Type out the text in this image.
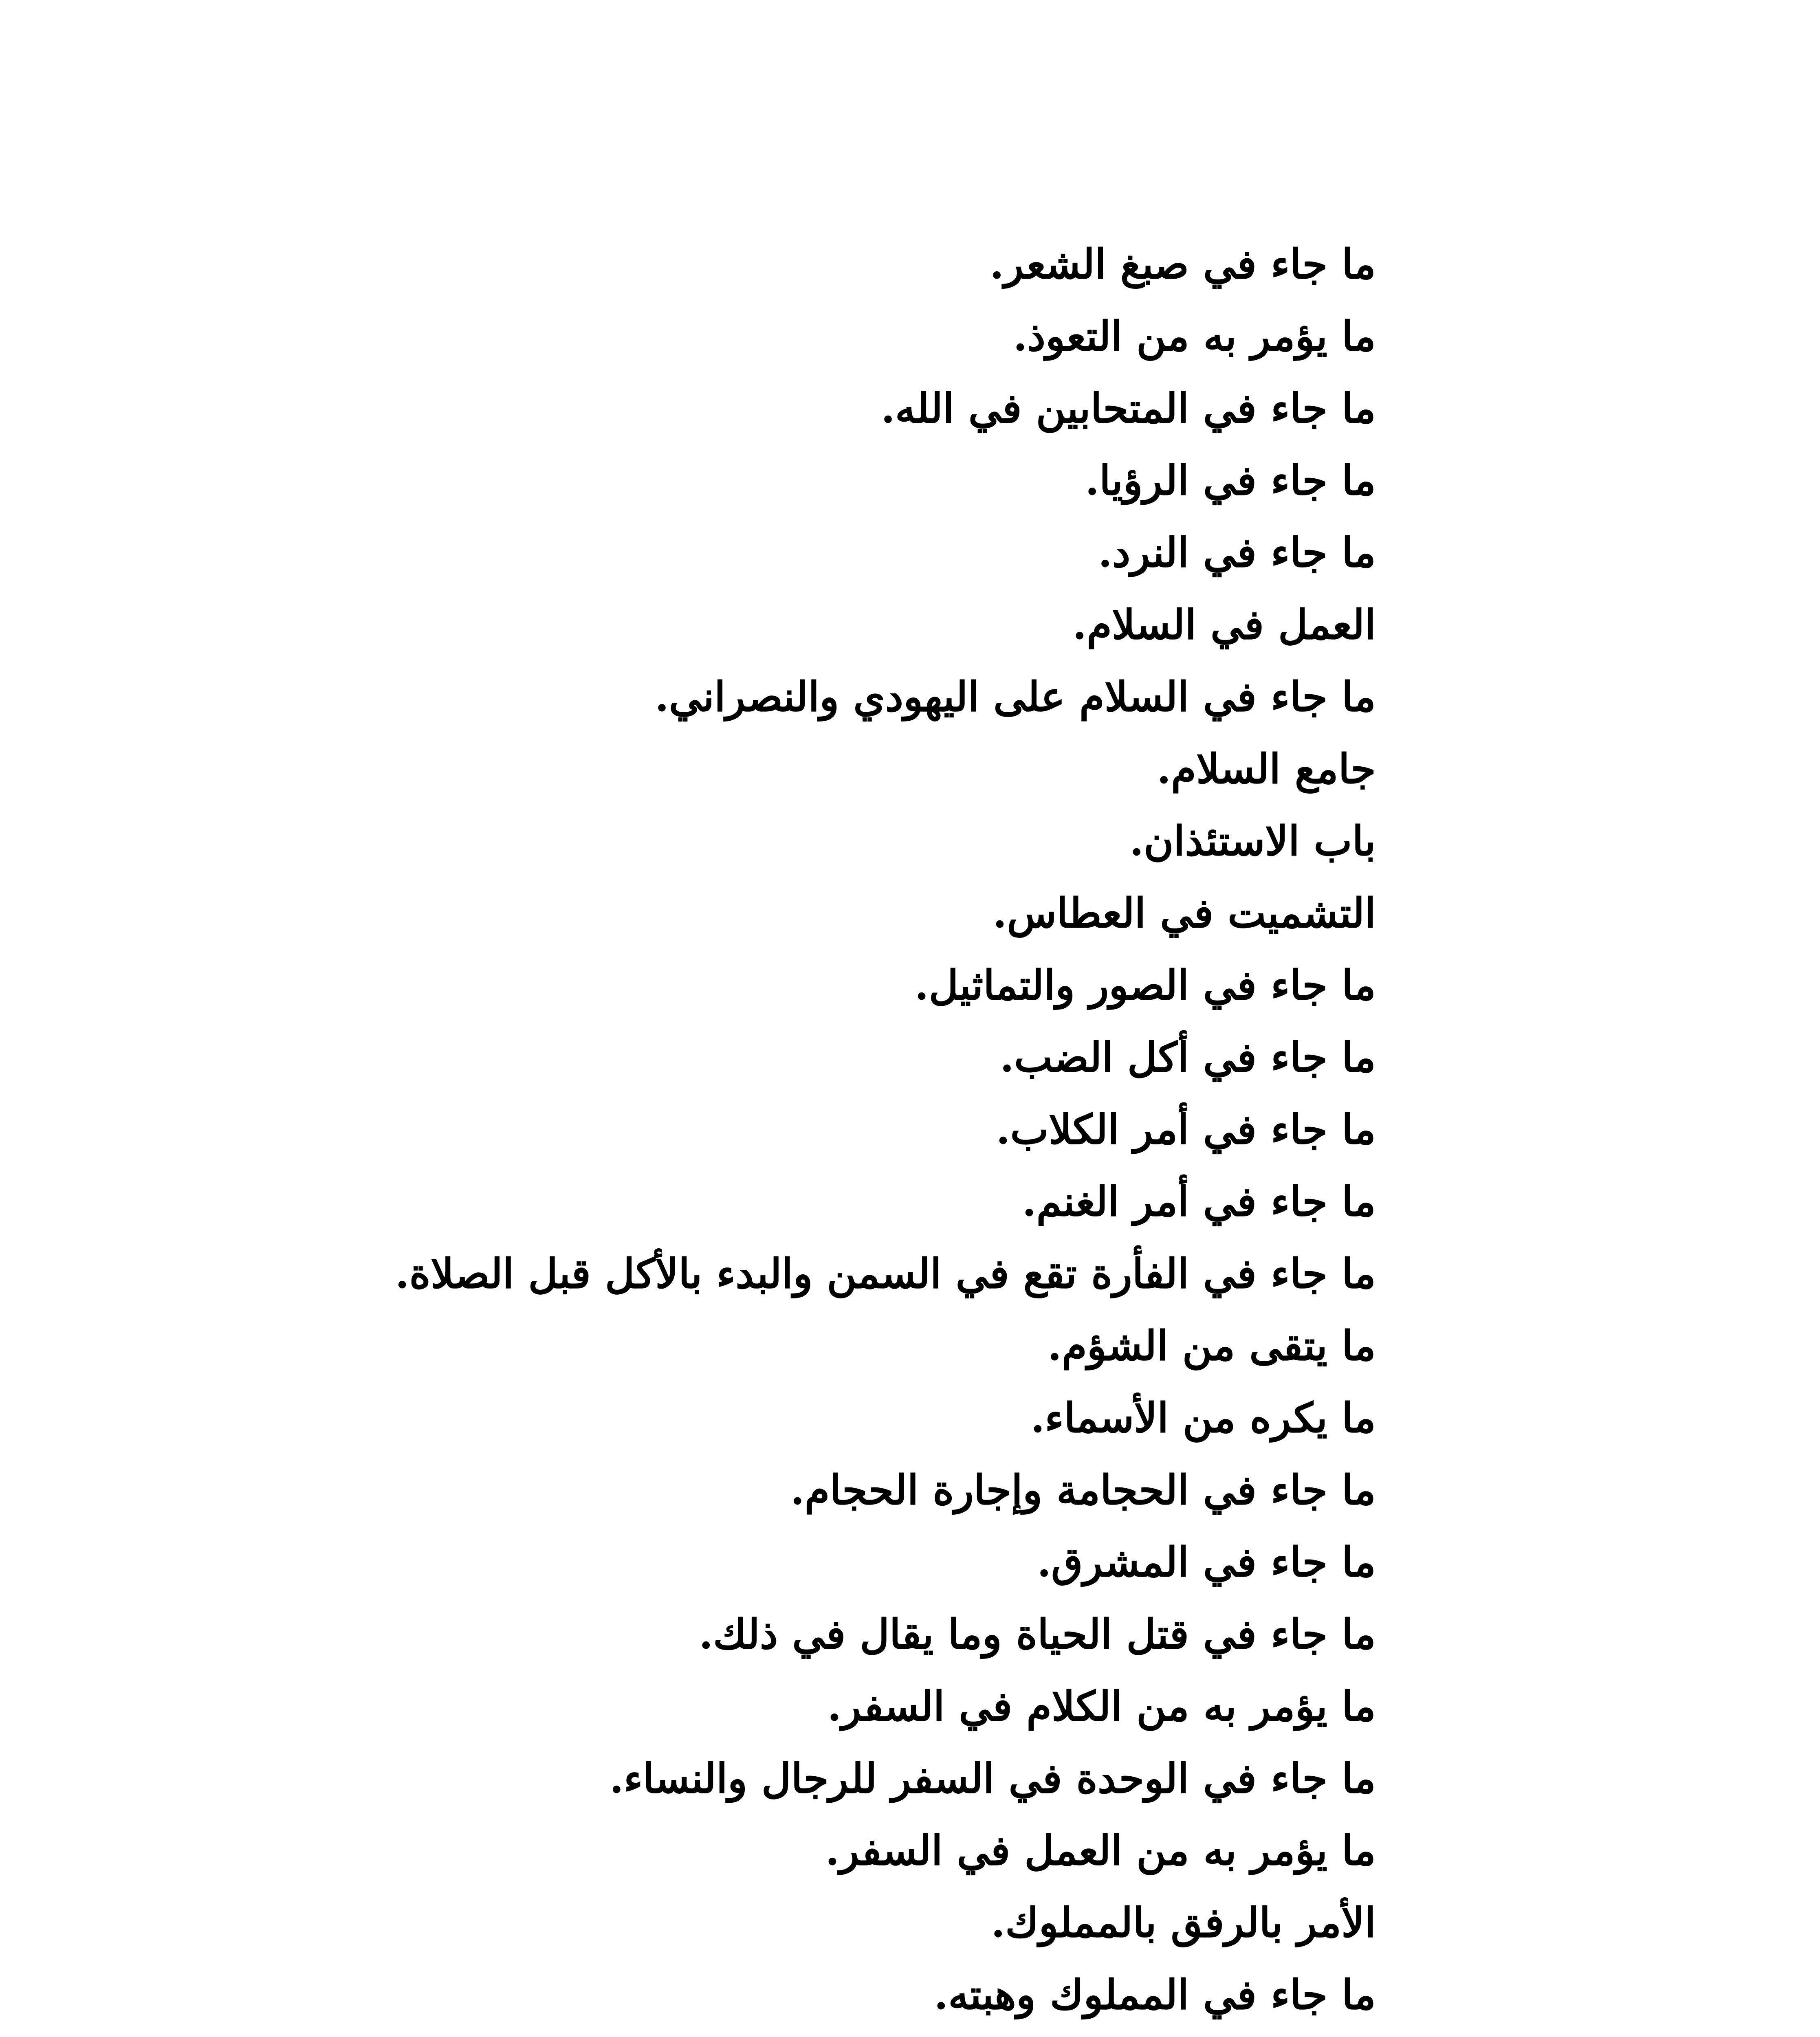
ما جاء في صبغ الشعر.
ما يؤمر به من التعوذ.
ما جاء في المتحابين في الله.
ما جاء في الرؤيا.
ما جاء في النرد.
العمل في السلام.
ما جاء في السلام على اليهودي والنصراني.
جامع السلام.
باب الاستئذان.
التشميت في العطاس.
ما جاء في الصور والتماثيل.
ما جاء في أكل الضب.
ما جاء في أمر الكلاب.
ما جاء في أمر الغنم.
ما جاء في الفأرة تقع في السمن والبدء بالأكل قبل الصلاة.
ما يتقى من الشؤم.
ما يكره من الأسماء.
ما جاء في الحجامة وإجارة الحجام.
ما جاء في المشرق.
ما جاء في قتل الحياة وما يقال في ذلك.
ما يؤمر به من الكلام في السفر.
ما جاء في الوحدة في السفر للرجال والنساء.
ما يؤمر به من العمل في السفر.
الأمر بالرفق بالمملوك.
ما جاء في المملوك وهبته.
